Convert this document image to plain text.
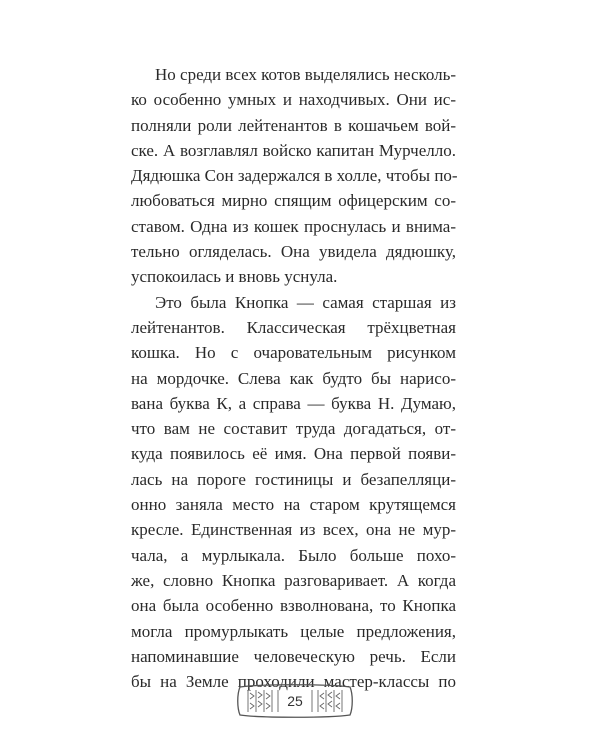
Но среди всех котов выделялись несколь-
ко особенно умных и находчивых. Они ис-
полняли роли лейтенантов в кошачьем вой-
ске. А возглавлял войско капитан Мурчелло.
Дядюшка Сон задержался в холле, чтобы по-
любоваться мирно спящим офицерским со-
ставом. Одна из кошек проснулась и внима-
тельно огляделась. Она увидела дядюшку,
успокоилась и вновь уснула.
Это была Кнопка — самая старшая из
лейтенантов. Классическая трёхцветная
кошка. Но с очаровательным рисунком
на мордочке. Слева как будто бы нарисо-
вана буква К, а справа — буква Н. Думаю,
что вам не составит труда догадаться, от-
куда появилось её имя. Она первой появи-
лась на пороге гостиницы и безапелляци-
онно заняла место на старом крутящемся
кресле. Единственная из всех, она не мур-
чала, а мурлыкала. Было больше похо-
же, словно Кнопка разговаривает. А когда
она была особенно взволнована, то Кнопка
могла промурлыкать целые предложения,
напоминавшие человеческую речь. Если
бы на Земле проходили мастер-классы по
25
